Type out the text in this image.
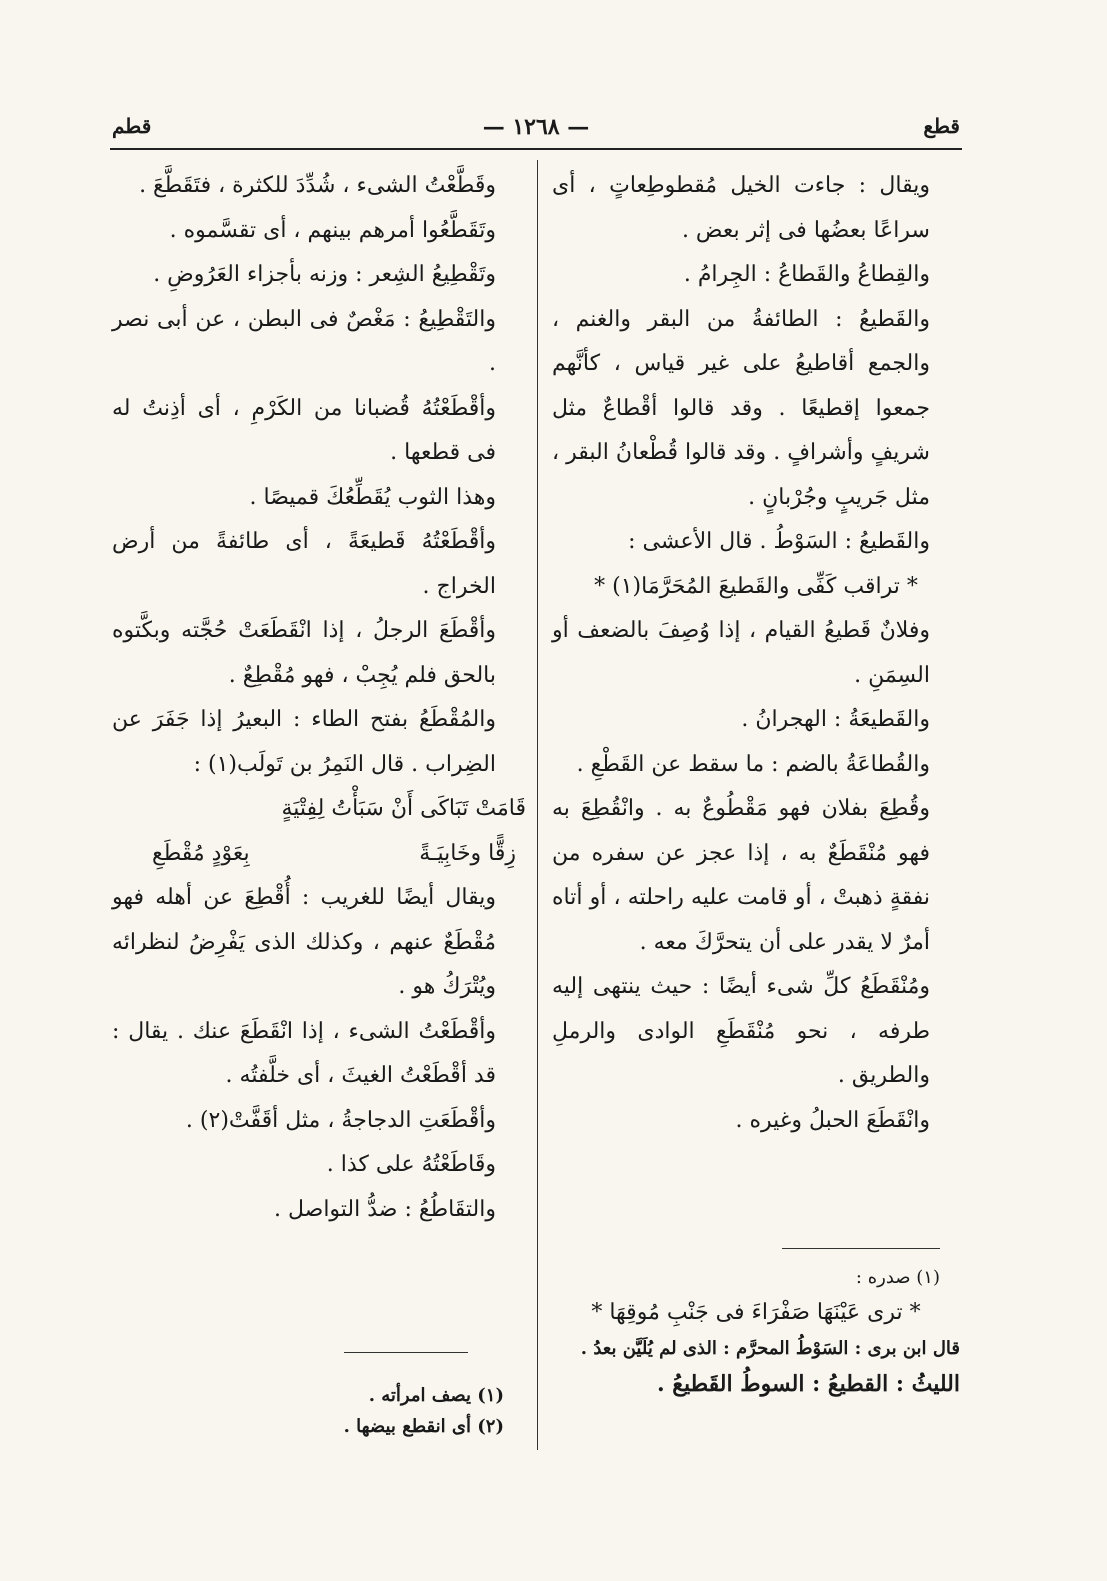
قطع
— ١٢٦٨ —
قطم

ويقال : جاءت الخيل مُقطوطِعاتٍ ، أى سراعًا بعضُها فى إثر بعض .

والقِطاعُ والقَطاعُ : الجِرامُ .

والقَطيعُ : الطائفةُ من البقر والغنم ، والجمع أقاطيعُ على غير قياس ، كأنَّهم جمعوا إقطيعًا . وقد قالوا أقْطاعٌ مثل شريفٍ وأشرافٍ . وقد قالوا قُطْعانُ البقر ، مثل جَريبٍ وجُرْبانٍ .

والقَطيعُ : السَوْطُ . قال الأعشى :

* تراقب كَفِّى والقَطيعَ المُحَرَّمَا(١) *

وفلانٌ قَطيعُ القيام ، إذا وُصِفَ بالضعف أو السِمَنِ .

والقَطيعَةُ : الهجرانُ .

والقُطاعَةُ بالضم : ما سقط عن القَطْعِ .

وقُطِعَ بفلان فهو مَقْطُوعٌ به . وانْقُطِعَ به فهو مُنْقَطَعٌ به ، إذا عجز عن سفره من نفقةٍ ذهبتْ ، أو قامت عليه راحلته ، أو أتاه أمرٌ لا يقدر على أن يتحرَّكَ معه .

ومُنْقَطَعُ كلِّ شىء أيضًا : حيث ينتهى إليه طرفه ، نحو مُنْقَطَعِ الوادى والرملِ والطريق .

وانْقَطَعَ الحبلُ وغيره .

(١) صدره :

* ترى عَيْنَهَا صَفْرَاءَ فى جَنْبِ مُوقِهَا *

قال ابن برى : السَوْطُ المحرَّم : الذى لم يُلَيَّن بعدُ .

الليثُ : القطيعُ : السوطُ القَطيعُ .

وقَطَّعْتُ الشىء ، شُدِّدَ للكثرة ، فتَقَطَّعَ .

وتَقَطَّعُوا أمرهم بينهم ، أى تقسَّموه .

وتَقْطِيعُ الشِعر : وزنه بأجزاء العَرُوضِ .

والتَقْطِيعُ : مَغْصٌ فى البطن ، عن أبى نصر .

وأقْطَعْتُهُ قُضبانا من الكَرْمِ ، أى أذِنتُ له فى قطعها .

وهذا الثوب يُقَطِّعُكَ قميصًا .

وأقْطَعْتُهُ قَطيعَةً ، أى طائفةً من أرض الخراج .

وأقْطَعَ الرجلُ ، إذا انْقَطَعَتْ حُجَّته وبكَّتوه بالحق فلم يُجِبْ ، فهو مُقْطِعٌ .

والمُقْطَعُ بفتح الطاء : البعيرُ إذا جَفَرَ عن الضِراب . قال النَمِرُ بن تَولَب(١) :

قَامَتْ تَبَاكَى أَنْ سَبَأْتُ لِفِتْيَةٍ

زِقًّا وخَابِيَـةً
بِعَوْدٍ مُقْطَعِ

ويقال أيضًا للغريب : أُقْطِعَ عن أهله فهو مُقْطَعٌ عنهم ، وكذلك الذى يَفْرِضُ لنظرائه ويُتْرَكُ هو .

وأقْطَعْتُ الشىء ، إذا انْقَطَعَ عنك . يقال : قد أقْطَعْتُ الغيثَ ، أى خلَّفتُه .

وأقْطَعَتِ الدجاجةُ ، مثل أقَفَّتْ(٢) .

وقَاطَعْتُهُ على كذا .

والتقَاطُعُ : ضدُّ التواصل .

(١) يصف امرأته .

(٢) أى انقطع بيضها .
